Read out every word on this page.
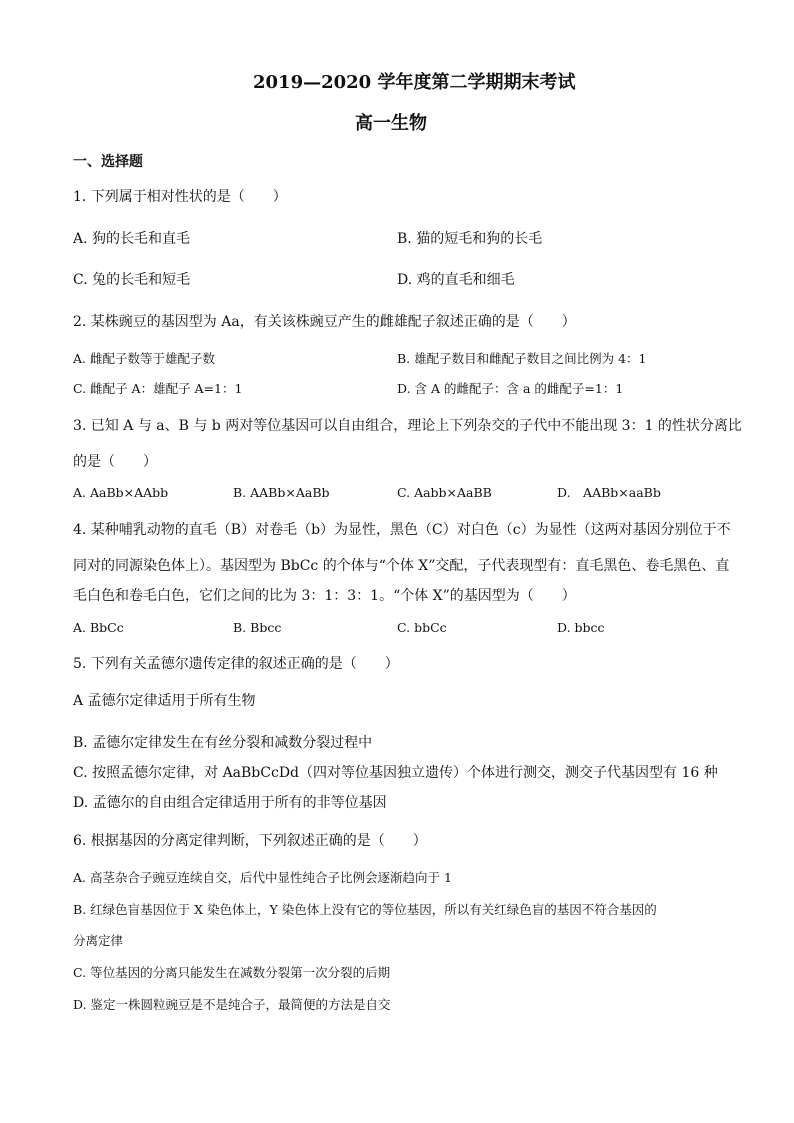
2019—2020 学年度第二学期期末考试
高一生物
一、选择题
1. 下列属于相对性状的是（　　）
A. 狗的长毛和直毛	B. 猫的短毛和狗的长毛
C. 兔的长毛和短毛	D. 鸡的直毛和细毛
2. 某株豌豆的基因型为 Aa，有关该株豌豆产生的雌雄配子叙述正确的是（　　）
A. 雌配子数等于雄配子数	B. 雄配子数目和雌配子数目之间比例为 4：1
C. 雌配子 A：雄配子 A=1：1	D. 含 A 的雌配子：含 a 的雌配子=1：1
3. 已知 A 与 a、B 与 b 两对等位基因可以自由组合，理论上下列杂交的子代中不能出现 3：1 的性状分离比
的是（　　）
A. AaBb×AAbb	B. AABb×AaBb	C. Aabb×AaBB	D.　AABb×aaBb
4. 某种哺乳动物的直毛（B）对卷毛（b）为显性，黑色（C）对白色（c）为显性（这两对基因分别位于不
同对的同源染色体上）。基因型为 BbCc 的个体与“个体 X”交配，子代表现型有：直毛黑色、卷毛黑色、直
毛白色和卷毛白色，它们之间的比为 3：1：3：1。“个体 X”的基因型为（　　）
A. BbCc	B. Bbcc	C. bbCc	D. bbcc
5. 下列有关孟德尔遗传定律的叙述正确的是（　　）
A 孟德尔定律适用于所有生物
B. 孟德尔定律发生在有丝分裂和减数分裂过程中
C. 按照孟德尔定律，对 AaBbCcDd（四对等位基因独立遗传）个体进行测交，测交子代基因型有 16 种
D. 孟德尔的自由组合定律适用于所有的非等位基因
6. 根据基因的分离定律判断，下列叙述正确的是（　　）
A. 高茎杂合子豌豆连续自交，后代中显性纯合子比例会逐渐趋向于 1
B. 红绿色盲基因位于 X 染色体上，Y 染色体上没有它的等位基因，所以有关红绿色盲的基因不符合基因的
分离定律
C. 等位基因的分离只能发生在减数分裂第一次分裂的后期
D. 鉴定一株圆粒豌豆是不是纯合子，最简便的方法是自交
